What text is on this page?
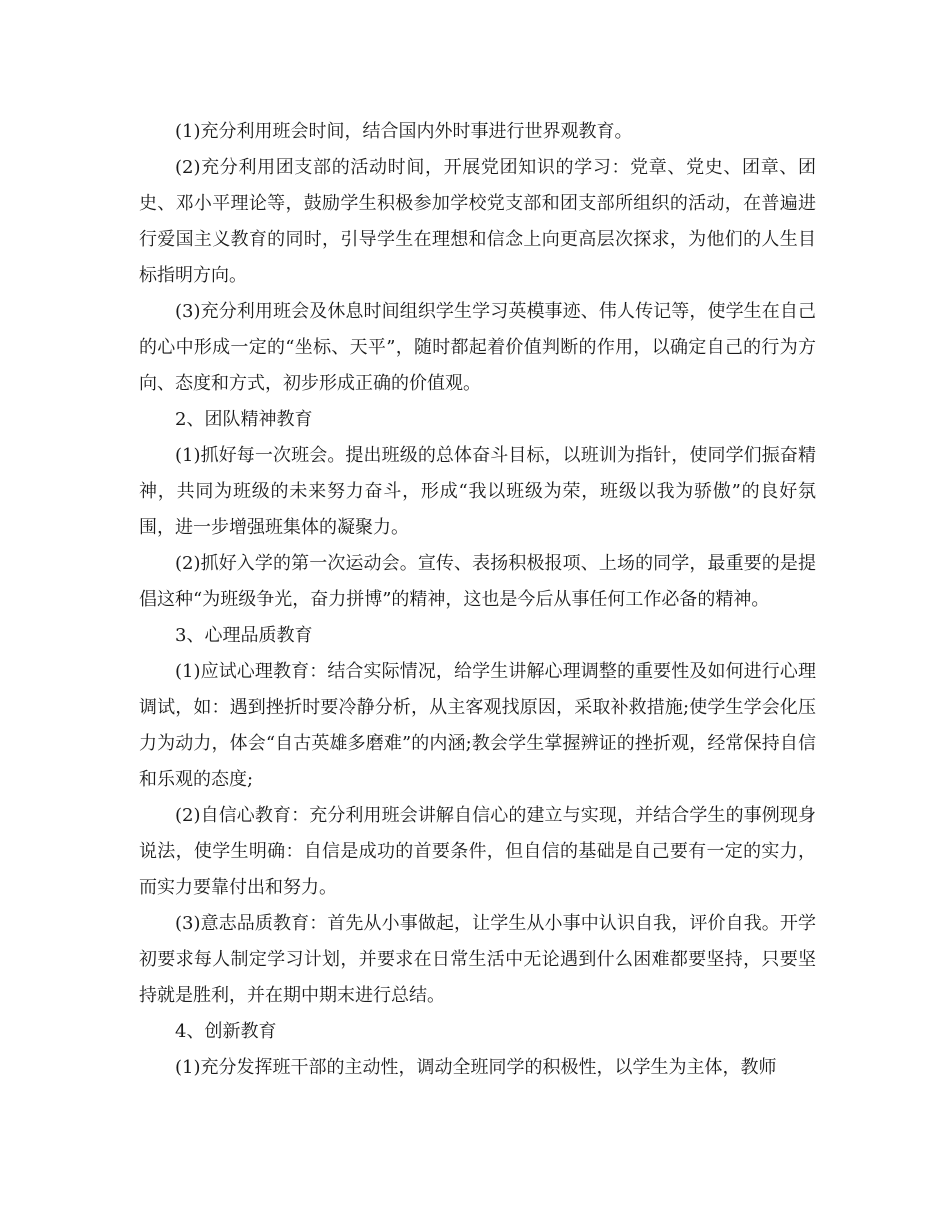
(1)充分利用班会时间，结合国内外时事进行世界观教育。

(2)充分利用团支部的活动时间，开展党团知识的学习：党章、党史、团章、团史、邓小平理论等，鼓励学生积极参加学校党支部和团支部所组织的活动，在普遍进行爱国主义教育的同时，引导学生在理想和信念上向更高层次探求，为他们的人生目标指明方向。

(3)充分利用班会及休息时间组织学生学习英模事迹、伟人传记等，使学生在自己的心中形成一定的“坐标、天平”，随时都起着价值判断的作用，以确定自己的行为方向、态度和方式，初步形成正确的价值观。

2、团队精神教育

(1)抓好每一次班会。提出班级的总体奋斗目标，以班训为指针，使同学们振奋精神，共同为班级的未来努力奋斗，形成“我以班级为荣，班级以我为骄傲”的良好氛围，进一步增强班集体的凝聚力。

(2)抓好入学的第一次运动会。宣传、表扬积极报项、上场的同学，最重要的是提倡这种“为班级争光，奋力拼博”的精神，这也是今后从事任何工作必备的精神。

3、心理品质教育

(1)应试心理教育：结合实际情况，给学生讲解心理调整的重要性及如何进行心理调试，如：遇到挫折时要冷静分析，从主客观找原因，采取补救措施;使学生学会化压力为动力，体会“自古英雄多磨难”的内涵;教会学生掌握辨证的挫折观，经常保持自信和乐观的态度;

(2)自信心教育：充分利用班会讲解自信心的建立与实现，并结合学生的事例现身说法，使学生明确：自信是成功的首要条件，但自信的基础是自己要有一定的实力，而实力要靠付出和努力。

(3)意志品质教育：首先从小事做起，让学生从小事中认识自我，评价自我。开学初要求每人制定学习计划，并要求在日常生活中无论遇到什么困难都要坚持，只要坚持就是胜利，并在期中期末进行总结。

4、创新教育

(1)充分发挥班干部的主动性，调动全班同学的积极性，以学生为主体，教师
